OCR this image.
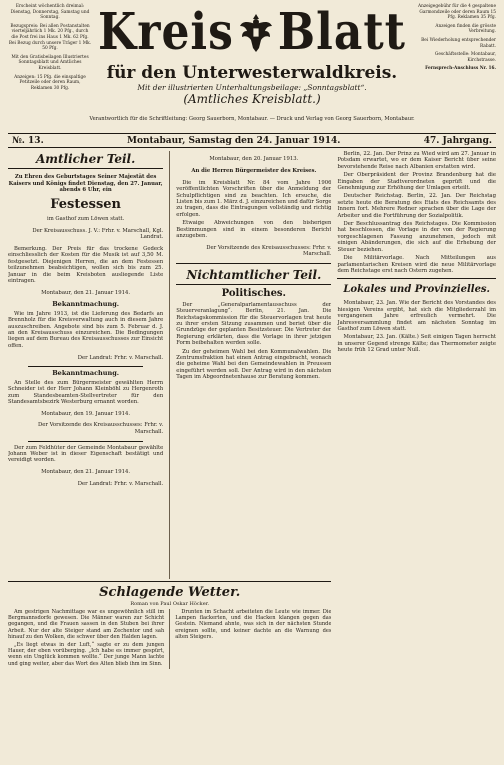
Erscheint wöchentlich dreimal: Dienstag, Donnerstag, Samstag und Sonntag.

Bezugspreis: Bei allen Postanstalten vierteljährlich 1 Mk. 20 Pfg., durch die Post frei ins Haus 1 Mk. 62 Pfg. Bei Bezug durch unsere Träger 1 Mk. 50 Pfg.

Mit den Gratisbeilagen Illustriertes Sonntagsblatt und Amtliches Kreisblatt.

Anzeigen: 15 Pfg. die einspaltige Petitzeile oder deren Raum, Reklamen 30 Pfg.

Kreis Blatt
für den Unterwesterwaldkreis.
Mit der illustrierten Unterhaltungsbeilage: „Sonntagsblatt“.
(Amtliches Kreisblatt.)

Anzeigegebühr für die 4 gespaltene Garmondzeile oder deren Raum 15 Pfg. Reklamen 35 Pfg.

Anzeigen finden die grösste Verbreitung.

Bei Wiederholung entsprechender Rabatt.

Geschäftsstelle: Montabaur, Kirchstrasse.

Fernsprech-Anschluss Nr. 16.

Verantwortlich für die Schriftleitung: Georg Sauerborn, Montabaur. — Druck und Verlag von Georg Sauerborn, Montabaur.
№. 13.	Montabaur, Samstag den 24. Januar 1914.	47. Jahrgang.
Amtlicher Teil.

Zu Ehren des Geburtstages Seiner Majestät des Kaisers und Königs findet Dienstag, den 27. Januar, abends 6 Uhr, ein

Festessen

im Gasthof zum Löwen statt.

Der Kreisausschuss. J. V.: Frhr. v. Marschall, Kgl. Landrat.

Bemerkung. Der Preis für das trockene Gedeck einschliesslich der Kosten für die Musik ist auf 3,50 M. festgesetzt. Diejenigen Herren, die an dem Festessen teilzunehmen beabsichtigen, wollen sich bis zum 25. Januar in die beim Kreisboten ausliegende Liste eintragen.

Montabaur, den 21. Januar 1914.

Bekanntmachung.

Wie im Jahre 1913, ist die Lieferung des Bedarfs an Brennholz für die Kreisverwaltung auch in diesem Jahre auszuschreiben. Angebote sind bis zum 5. Februar d. J. an den Kreisausschuss einzureichen. Die Bedingungen liegen auf dem Bureau des Kreisausschusses zur Einsicht offen.

Der Landrat: Frhr. v. Marschall.

Bekanntmachung.

An Stelle des zum Bürgermeister gewählten Herrn Schneider ist der Herr Johann Kleinböhl zu Hergenroth zum Standesbeamten-Stellvertreter für den Standesamtsbezirk Westerburg ernannt worden.

Montabaur, den 19. Januar 1914.

Der Vorsitzende des Kreisausschusses: Frhr. v. Marschall.

Der zum Feldhüter der Gemeinde Montabaur gewählte Johann Weber ist in dieser Eigenschaft bestätigt und vereidigt worden.

Montabaur, den 21. Januar 1914.

Der Landrat: Frhr. v. Marschall.

Montabaur, den 20. Januar 1913.

An die Herren Bürgermeister des Kreises.

Die im Kreisblatt Nr. 84 vom Jahre 1906 veröffentlichten Vorschriften über die Anmeldung der Schulpflichtigen sind zu beachten. Ich ersuche, die Listen bis zum 1. März d. J. einzureichen und dafür Sorge zu tragen, dass die Eintragungen vollständig und richtig erfolgen.

Etwaige Abweichungen von den bisherigen Bestimmungen sind in einem besonderen Bericht anzugeben.

Der Vorsitzende des Kreisausschusses: Frhr. v. Marschall.

Nichtamtlicher Teil.
Politisches.

Der „Generalparlamentausschuss der Steuerveranlagung“. Berlin, 21. Jan. Die Reichstagskommission für die Steuervorlagen trat heute zu ihrer ersten Sitzung zusammen und beriet über die Grundzüge der geplanten Besitzsteuer. Die Vertreter der Regierung erklärten, dass die Vorlage in ihrer jetzigen Form beibehalten werden solle.

Zu der geheimen Wahl bei den Kommunalwahlen. Die Zentrumsfraktion hat einen Antrag eingebracht, wonach die geheime Wahl bei den Gemeindewahlen in Preussen eingeführt werden soll. Der Antrag wird in den nächsten Tagen im Abgeordnetenhause zur Beratung kommen.

Schlagende Wetter.
Roman von Paul Oskar Höcker.

Am gestrigen Nachmittage war es ungewöhnlich still im Bergmannsdorfe gewesen. Die Männer waren zur Schicht gegangen, und die Frauen sassen in den Stuben bei ihrer Arbeit. Nur der alte Steiger stand am Zechentor und sah hinauf zu den Wolken, die schwer über den Halden lagen.

„Es liegt etwas in der Luft,“ sagte er zu dem jungen Hauer, der eben vorüberging. „Ich habe es immer gespürt, wenn ein Unglück kommen wollte.“ Der junge Mann lachte und ging weiter, aber das Wort des Alten blieb ihm im Sinn.

Drunten im Schacht arbeiteten die Leute wie immer. Die Lampen flackerten, und die Hacken klangen gegen das Gestein. Niemand ahnte, was sich in der nächsten Stunde ereignen sollte, und keiner dachte an die Warnung des alten Steigers.

Berlin, 22. Jan. Der Prinz zu Wied wird am 27. Januar in Potsdam erwartet, wo er dem Kaiser Bericht über seine bevorstehende Reise nach Albanien erstatten wird.

Der Oberpräsident der Provinz Brandenburg hat die Eingaben der Stadtverordneten geprüft und die Genehmigung zur Erhöhung der Umlagen erteilt.

Deutscher Reichstag. Berlin, 22. Jan. Der Reichstag setzte heute die Beratung des Etats des Reichsamts des Innern fort. Mehrere Redner sprachen über die Lage der Arbeiter und die Fortführung der Sozialpolitik.

Der Beschlussantrag des Reichstages. Die Kommission hat beschlossen, die Vorlage in der von der Regierung vorgeschlagenen Fassung anzunehmen, jedoch mit einigen Abänderungen, die sich auf die Erhebung der Steuer beziehen.

Die Militärvorlage. Nach Mitteilungen aus parlamentarischen Kreisen wird die neue Militärvorlage dem Reichstage erst nach Ostern zugehen.

Lokales und Provinzielles.

Montabaur, 23. Jan. Wie der Bericht des Vorstandes des hiesigen Vereins ergibt, hat sich die Mitgliederzahl im vergangenen Jahre erfreulich vermehrt. Die Jahresversammlung findet am nächsten Sonntag im Gasthof zum Löwen statt.

Montabaur, 23. Jan. (Kälte.) Seit einigen Tagen herrscht in unserer Gegend strenge Kälte; das Thermometer zeigte heute früh 12 Grad unter Null.
